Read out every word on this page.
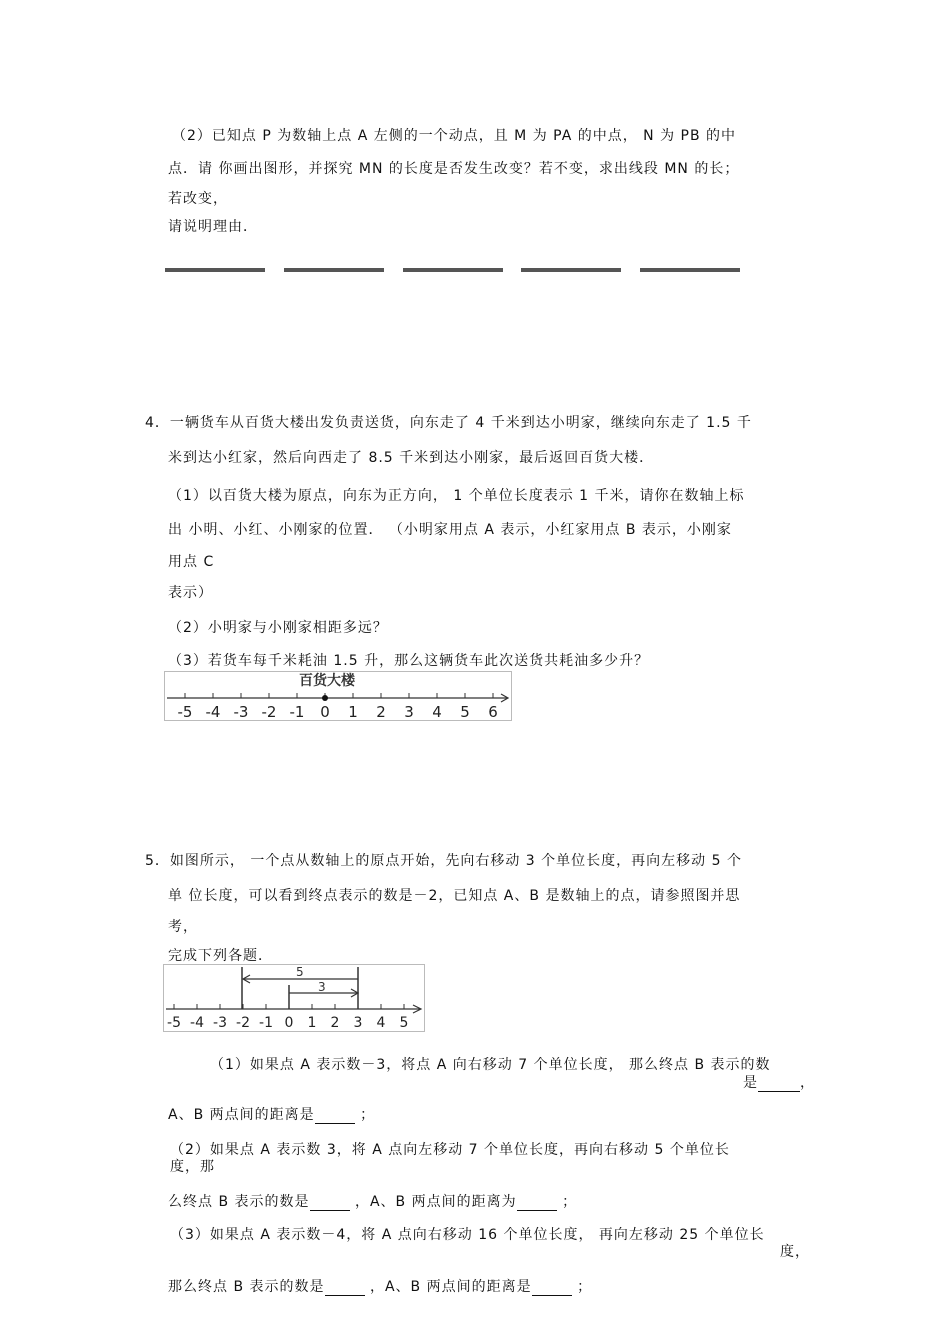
（2）已知点 P 为数轴上点 A 左侧的一个动点，且 M 为 PA 的中点， N 为 PB 的中
点．请 你画出图形，并探究 MN 的长度是否发生改变？若不变，求出线段 MN 的长；
若改变，
请说明理由．
4．一辆货车从百货大楼出发负责送货，向东走了 4 千米到达小明家，继续向东走了 1.5 千
米到达小红家，然后向西走了 8.5 千米到达小刚家，最后返回百货大楼．
（1）以百货大楼为原点，向东为正方向， 1 个单位长度表示 1 千米，请你在数轴上标
出 小明、小红、小刚家的位置． （小明家用点 A 表示，小红家用点 B 表示，小刚家
用点 C
表示）
（2）小明家与小刚家相距多远？
（3）若货车每千米耗油 1.5 升，那么这辆货车此次送货共耗油多少升？
百货大楼
-5 -4 -3 -2 -1 0 1 2 3 4 5 6
5．如图所示， 一个点从数轴上的原点开始，先向右移动 3 个单位长度，再向左移动 5 个
单 位长度，可以看到终点表示的数是－2，已知点 A、B 是数轴上的点，请参照图并思
考，
完成下列各题．
-5 -4 -3 -2 -1 0 1 2 3 4 5
3
5
（1）如果点 A 表示数－3，将点 A 向右移动 7 个单位长度， 那么终点 B 表示的数
是	，
A、B 两点间的距离是	；
（2）如果点 A 表示数 3，将 A 点向左移动 7 个单位长度，再向右移动 5 个单位长
度，那
么终点 B 表示的数是	，A、B 两点间的距离为	；
（3）如果点 A 表示数－4，将 A 点向右移动 16 个单位长度， 再向左移动 25 个单位长
度，
那么终点 B 表示的数是	，A、B 两点间的距离是	；
